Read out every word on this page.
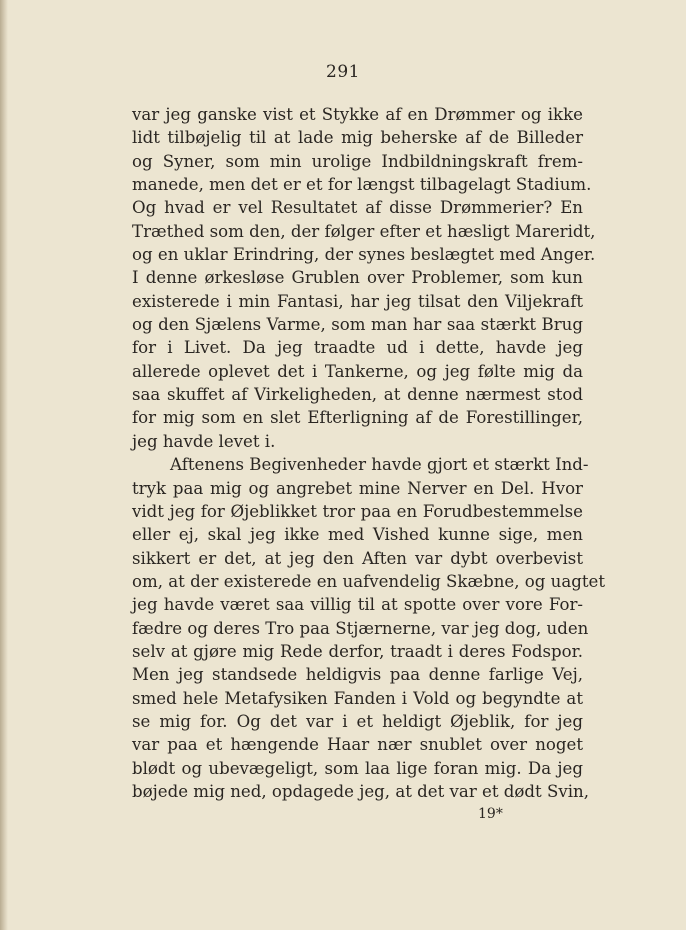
291
var jeg ganske vist et Stykke af en Drømmer og ikke
lidt tilbøjelig til at lade mig beherske af de Billeder
og Syner, som min urolige Indbildningskraft frem-
manede, men det er et for længst tilbagelagt Stadium.
Og hvad er vel Resultatet af disse Drømmerier? En
Træthed som den, der følger efter et hæsligt Mareridt,
og en uklar Erindring, der synes beslægtet med Anger.
I denne ørkesløse Grublen over Problemer, som kun
existerede i min Fantasi, har jeg tilsat den Viljekraft
og den Sjælens Varme, som man har saa stærkt Brug
for i Livet. Da jeg traadte ud i dette, havde jeg
allerede oplevet det i Tankerne, og jeg følte mig da
saa skuffet af Virkeligheden, at denne nærmest stod
for mig som en slet Efterligning af de Forestillinger,
jeg havde levet i.
Aftenens Begivenheder havde gjort et stærkt Ind-
tryk paa mig og angrebet mine Nerver en Del. Hvor
vidt jeg for Øjeblikket tror paa en Forudbestemmelse
eller ej, skal jeg ikke med Vished kunne sige, men
sikkert er det, at jeg den Aften var dybt overbevist
om, at der existerede en uafvendelig Skæbne, og uagtet
jeg havde været saa villig til at spotte over vore For-
fædre og deres Tro paa Stjærnerne, var jeg dog, uden
selv at gjøre mig Rede derfor, traadt i deres Fodspor.
Men jeg standsede heldigvis paa denne farlige Vej,
smed hele Metafysiken Fanden i Vold og begyndte at
se mig for. Og det var i et heldigt Øjeblik, for jeg
var paa et hængende Haar nær snublet over noget
blødt og ubevægeligt, som laa lige foran mig. Da jeg
bøjede mig ned, opdagede jeg, at det var et dødt Svin,
19*
